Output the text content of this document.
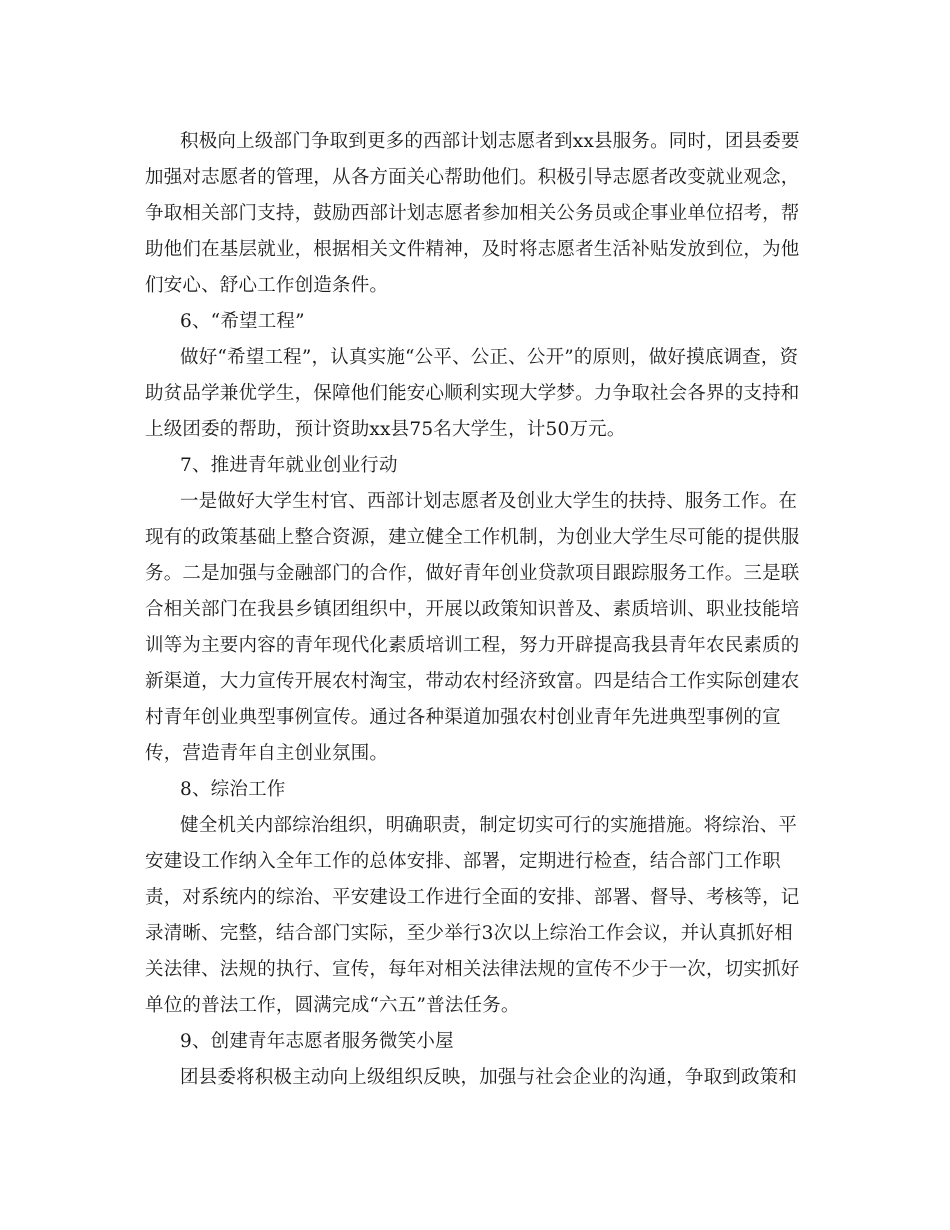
积极向上级部门争取到更多的西部计划志愿者到xx县服务。同时，团县委要
加强对志愿者的管理，从各方面关心帮助他们。积极引导志愿者改变就业观念，
争取相关部门支持，鼓励西部计划志愿者参加相关公务员或企事业单位招考，帮
助他们在基层就业，根据相关文件精神，及时将志愿者生活补贴发放到位，为他
们安心、舒心工作创造条件。
6、“希望工程”
做好“希望工程”，认真实施“公平、公正、公开”的原则，做好摸底调查，资
助贫品学兼优学生，保障他们能安心顺利实现大学梦。力争取社会各界的支持和
上级团委的帮助，预计资助xx县75名大学生，计50万元。
7、推进青年就业创业行动
一是做好大学生村官、西部计划志愿者及创业大学生的扶持、服务工作。在
现有的政策基础上整合资源，建立健全工作机制，为创业大学生尽可能的提供服
务。二是加强与金融部门的合作，做好青年创业贷款项目跟踪服务工作。三是联
合相关部门在我县乡镇团组织中，开展以政策知识普及、素质培训、职业技能培
训等为主要内容的青年现代化素质培训工程，努力开辟提高我县青年农民素质的
新渠道，大力宣传开展农村淘宝，带动农村经济致富。四是结合工作实际创建农
村青年创业典型事例宣传。通过各种渠道加强农村创业青年先进典型事例的宣
传，营造青年自主创业氛围。
8、综治工作
健全机关内部综治组织，明确职责，制定切实可行的实施措施。将综治、平
安建设工作纳入全年工作的总体安排、部署，定期进行检查，结合部门工作职
责，对系统内的综治、平安建设工作进行全面的安排、部署、督导、考核等，记
录清晰、完整，结合部门实际，至少举行3次以上综治工作会议，并认真抓好相
关法律、法规的执行、宣传，每年对相关法律法规的宣传不少于一次，切实抓好
单位的普法工作，圆满完成“六五”普法任务。
9、创建青年志愿者服务微笑小屋
团县委将积极主动向上级组织反映，加强与社会企业的沟通，争取到政策和
